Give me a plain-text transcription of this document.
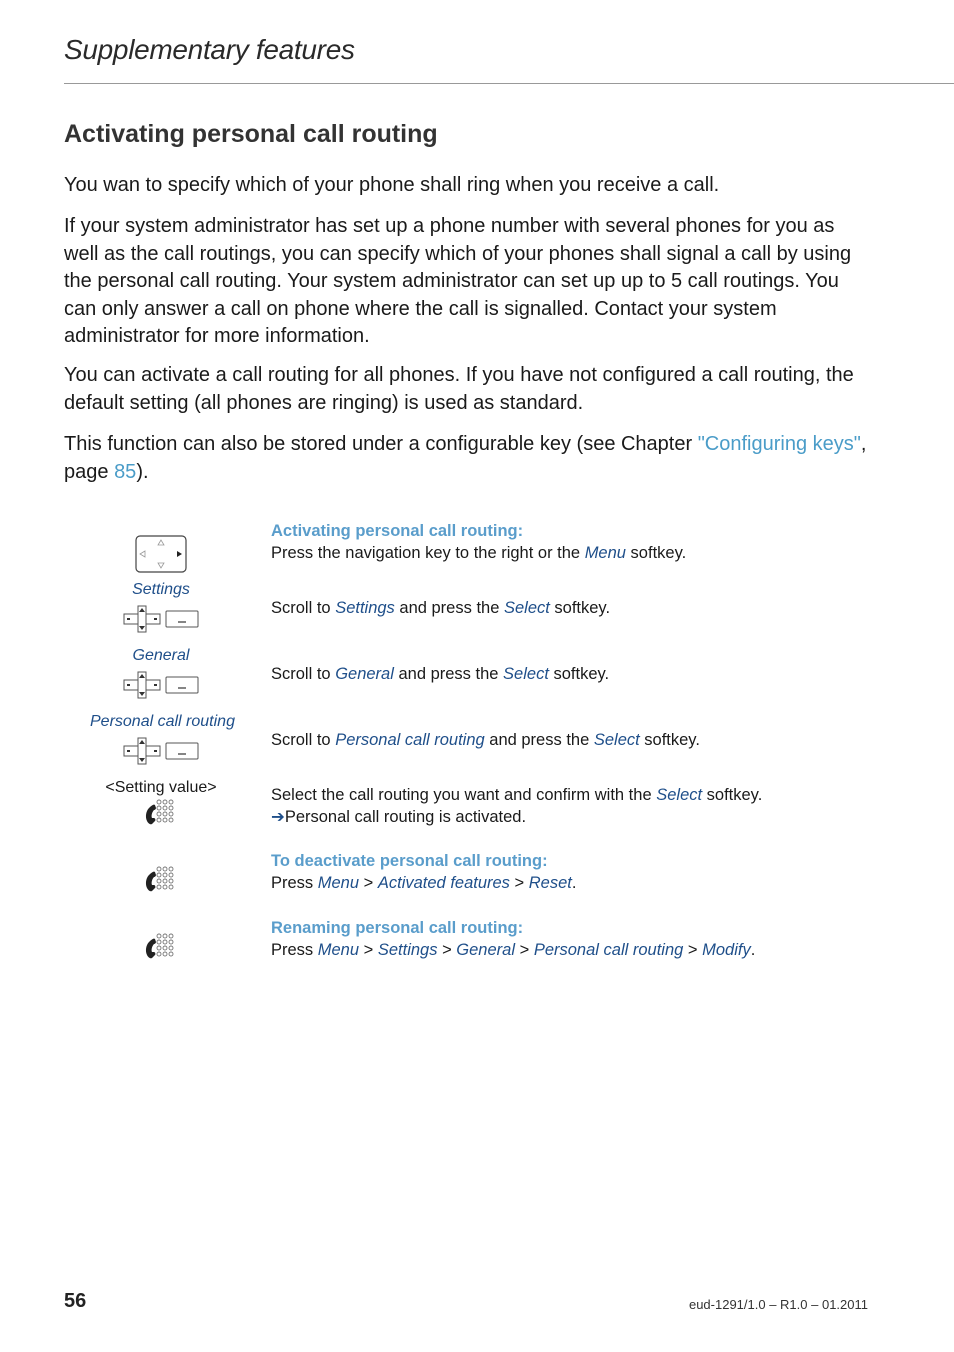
Supplementary features
Activating personal call routing

You wan to specify which of your phone shall ring when you receive a call.

If your system administrator has set up a phone number with several phones for you as well as the call routings, you can specify which of your phones shall signal a call by using the personal call routing. Your system administrator can set up up to 5 call routings. You can only answer a call on phone where the call is signalled. Contact your system administrator for more information.

You can activate a call routing for all phones. If you have not configured a call routing, the default setting (all phones are ringing) is used as standard.

This function can also be stored under a configurable key (see Chapter "Configuring keys", page 85).

Settings
General
Personal call routing
<Setting value>
Activating personal call routing:
Press the navigation key to the right or the Menu softkey.
Scroll to Settings and press the Select softkey.
Scroll to General and press the Select softkey.
Scroll to Personal call routing and press the Select softkey.
Select the call routing you want and confirm with the Select softkey.
➔Personal call routing is activated.
To deactivate personal call routing:
Press Menu > Activated features > Reset.
Renaming personal call routing:
Press Menu > Settings > General > Personal call routing > Modify.
56	eud-1291/1.0 – R1.0 – 01.2011
